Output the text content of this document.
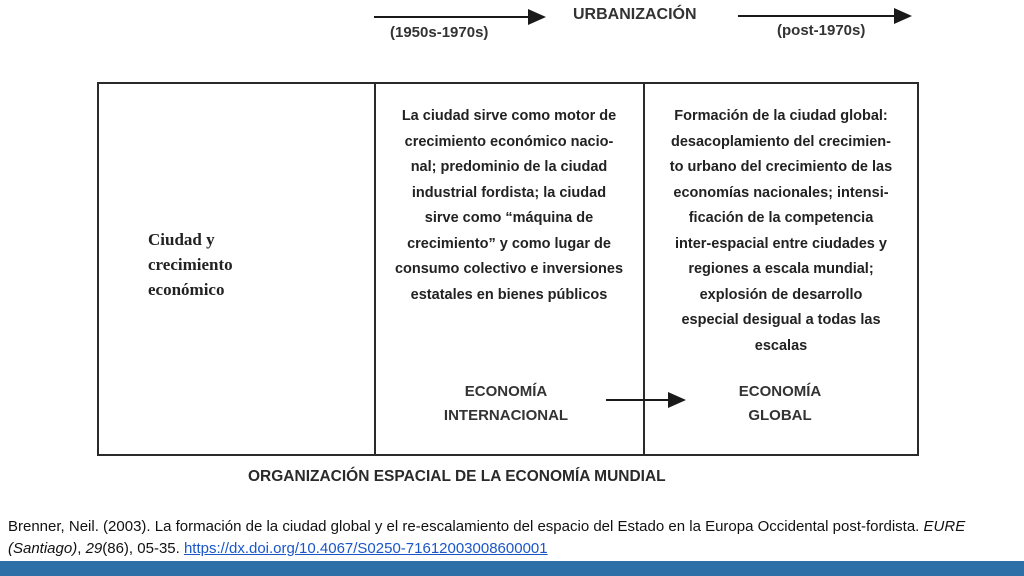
(1950s-1970s)
URBANIZACIÓN
(post-1970s)
Ciudad y
crecimiento
económico
La ciudad sirve como motor de
crecimiento económico nacio-
nal; predominio de la ciudad
industrial fordista; la ciudad
sirve como “máquina de
crecimiento” y como lugar de
consumo colectivo e inversiones
estatales en bienes públicos
Formación de la ciudad global:
desacoplamiento del crecimien-
to urbano del crecimiento de las
economías nacionales; intensi-
ficación de la competencia
inter-espacial entre ciudades y
regiones a escala mundial;
explosión de desarrollo
especial desigual a todas las
escalas
ECONOMÍA
INTERNACIONAL
ECONOMÍA
GLOBAL
ORGANIZACIÓN ESPACIAL DE LA ECONOMÍA MUNDIAL
Brenner, Neil. (2003). La formación de la ciudad global y el re-escalamiento del espacio del Estado en la Europa Occidental post-fordista. EURE (Santiago), 29(86), 05-35. https://dx.doi.org/10.4067/S0250-71612003008600001
